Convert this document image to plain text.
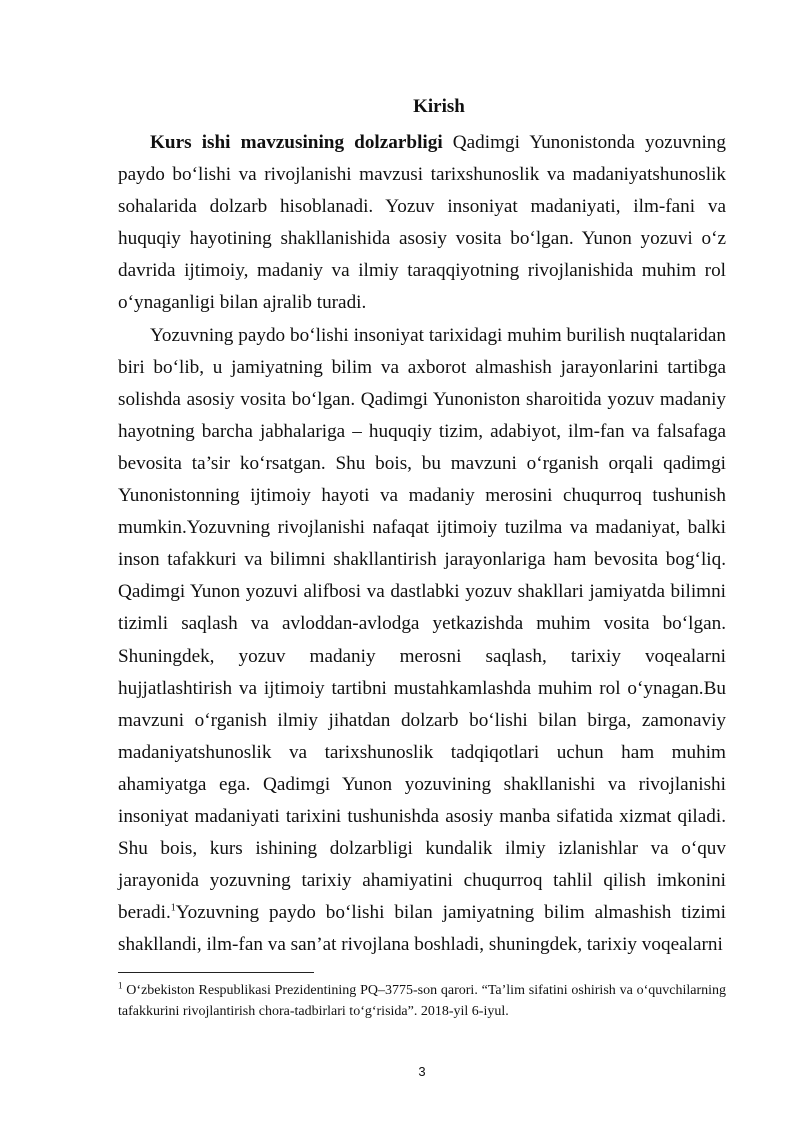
Kirish

Kurs ishi mavzusining dolzarbligi Qadimgi Yunonistonda yozuvning paydo bo‘lishi va rivojlanishi mavzusi tarixshunoslik va madaniyatshunoslik sohalarida dolzarb hisoblanadi. Yozuv insoniyat madaniyati, ilm-fani va huquqiy hayotining shakllanishida asosiy vosita bo‘lgan. Yunon yozuvi o‘z davrida ijtimoiy, madaniy va ilmiy taraqqiyotning rivojlanishida muhim rol o‘ynaganligi bilan ajralib turadi.

Yozuvning paydo bo‘lishi insoniyat tarixidagi muhim burilish nuqtalaridan biri bo‘lib, u jamiyatning bilim va axborot almashish jarayonlarini tartibga solishda asosiy vosita bo‘lgan. Qadimgi Yunoniston sharoitida yozuv madaniy hayotning barcha jabhalariga – huquqiy tizim, adabiyot, ilm-fan va falsafaga bevosita ta’sir ko‘rsatgan. Shu bois, bu mavzuni o‘rganish orqali qadimgi Yunonistonning ijtimoiy hayoti va madaniy merosini chuqurroq tushunish mumkin.Yozuvning rivojlanishi nafaqat ijtimoiy tuzilma va madaniyat, balki inson tafakkuri va bilimni shakllantirish jarayonlariga ham bevosita bog‘liq. Qadimgi Yunon yozuvi alifbosi va dastlabki yozuv shakllari jamiyatda bilimni tizimli saqlash va avloddan-avlodga yetkazishda muhim vosita bo‘lgan. Shuningdek, yozuv madaniy merosni saqlash, tarixiy voqealarni hujjatlashtirish va ijtimoiy tartibni mustahkamlashda muhim rol o‘ynagan.Bu mavzuni o‘rganish ilmiy jihatdan dolzarb bo‘lishi bilan birga, zamonaviy madaniyatshunoslik va tarixshunoslik tadqiqotlari uchun ham muhim ahamiyatga ega. Qadimgi Yunon yozuvining shakllanishi va rivojlanishi insoniyat madaniyati tarixini tushunishda asosiy manba sifatida xizmat qiladi. Shu bois, kurs ishining dolzarbligi kundalik ilmiy izlanishlar va o‘quv jarayonida yozuvning tarixiy ahamiyatini chuqurroq tahlil qilish imkonini beradi.$^1$Yozuvning paydo bo‘lishi bilan jamiyatning bilim almashish tizimi shakllandi, ilm-fan va san’at rivojlana boshladi, shuningdek, tarixiy voqealarni

$^1$ O‘zbekiston Respublikasi Prezidentining PQ–3775-son qarori. “Ta’lim sifatini oshirish va o‘quvchilarning tafakkurini rivojlantirish chora-tadbirlari to‘g‘risida”. 2018-yil 6-iyul.
3
